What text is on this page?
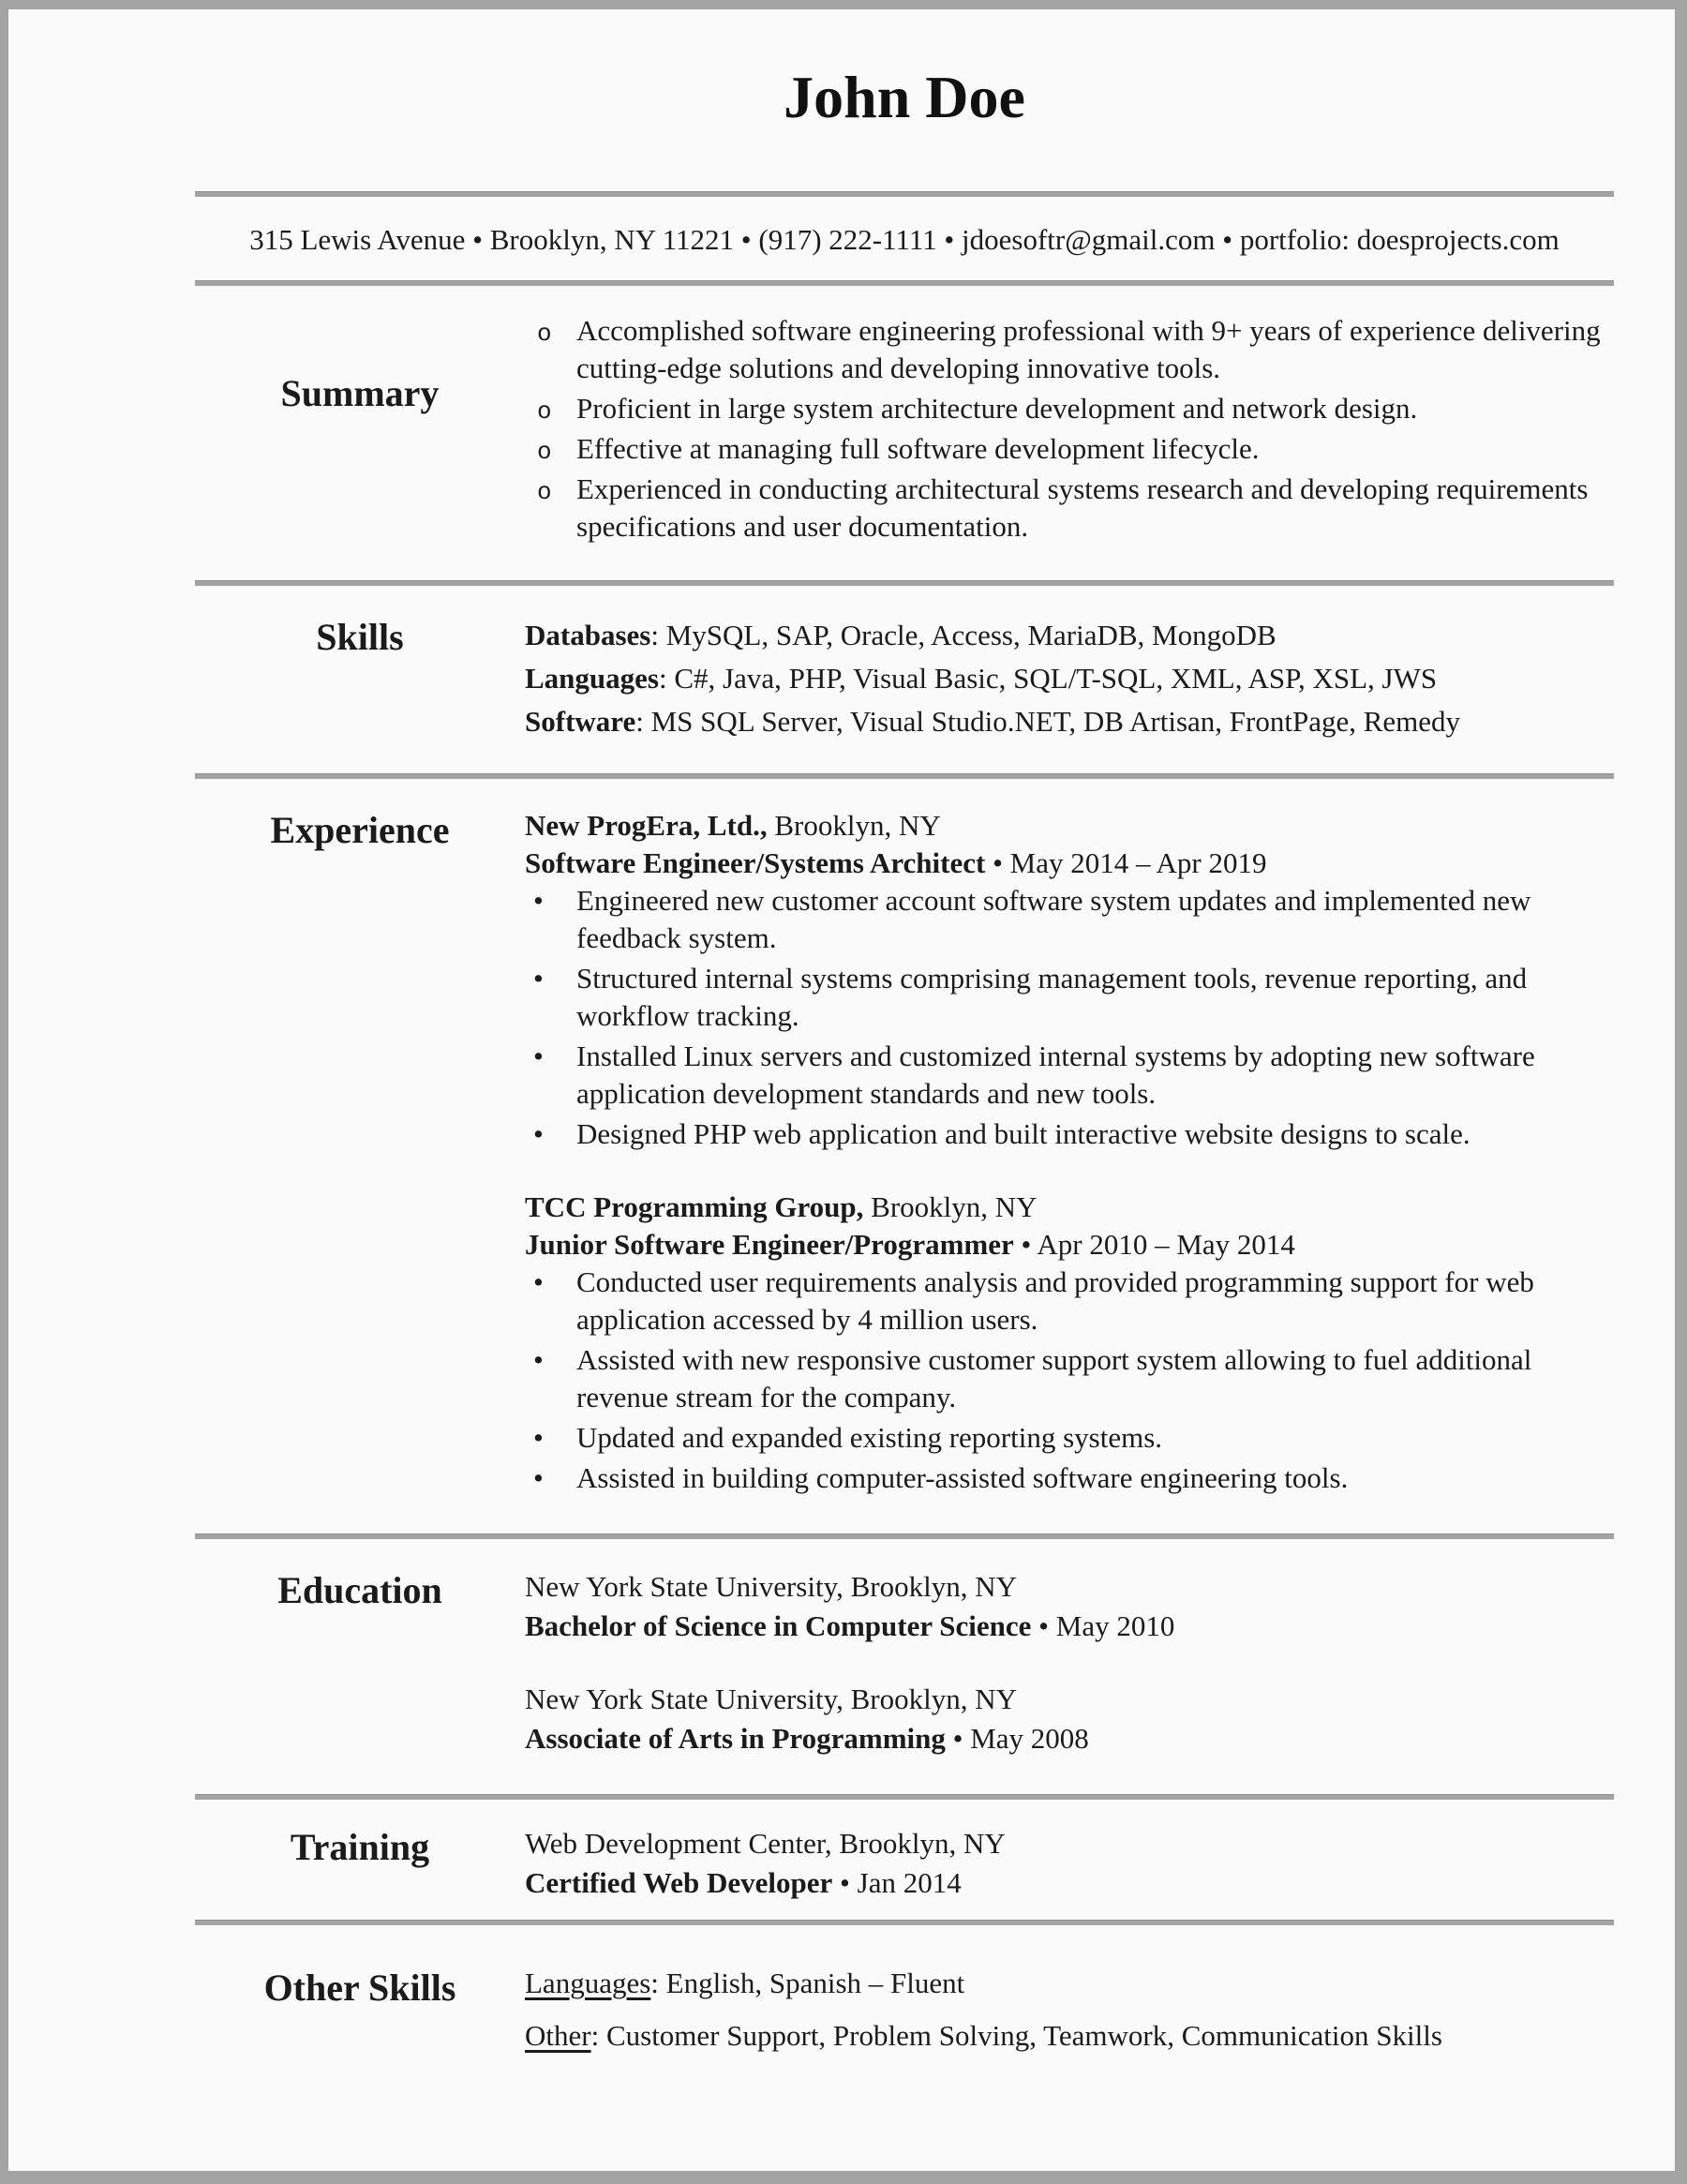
John Doe
315 Lewis Avenue • Brooklyn, NY 11221 • (917) 222-1111 • jdoesoftr@gmail.com • portfolio: doesprojects.com
Summary
o Accomplished software engineering professional with 9+ years of experience delivering cutting-edge solutions and developing innovative tools.
o Proficient in large system architecture development and network design.
o Effective at managing full software development lifecycle.
o Experienced in conducting architectural systems research and developing requirements specifications and user documentation.
Skills	Databases: MySQL, SAP, Oracle, Access, MariaDB, MongoDB
Languages: C#, Java, PHP, Visual Basic, SQL/T-SQL, XML, ASP, XSL, JWS
Software: MS SQL Server, Visual Studio.NET, DB Artisan, FrontPage, Remedy
Experience	New ProgEra, Ltd., Brooklyn, NY
Software Engineer/Systems Architect • May 2014 – Apr 2019
• Engineered new customer account software system updates and implemented new feedback system.
• Structured internal systems comprising management tools, revenue reporting, and workflow tracking.
• Installed Linux servers and customized internal systems by adopting new software application development standards and new tools.
• Designed PHP web application and built interactive website designs to scale.
TCC Programming Group, Brooklyn, NY
Junior Software Engineer/Programmer • Apr 2010 – May 2014
• Conducted user requirements analysis and provided programming support for web application accessed by 4 million users.
• Assisted with new responsive customer support system allowing to fuel additional revenue stream for the company.
• Updated and expanded existing reporting systems.
• Assisted in building computer-assisted software engineering tools.
Education	New York State University, Brooklyn, NY
Bachelor of Science in Computer Science • May 2010
New York State University, Brooklyn, NY
Associate of Arts in Programming • May 2008
Training	Web Development Center, Brooklyn, NY
Certified Web Developer • Jan 2014
Other Skills	Languages: English, Spanish – Fluent
Other: Customer Support, Problem Solving, Teamwork, Communication Skills
